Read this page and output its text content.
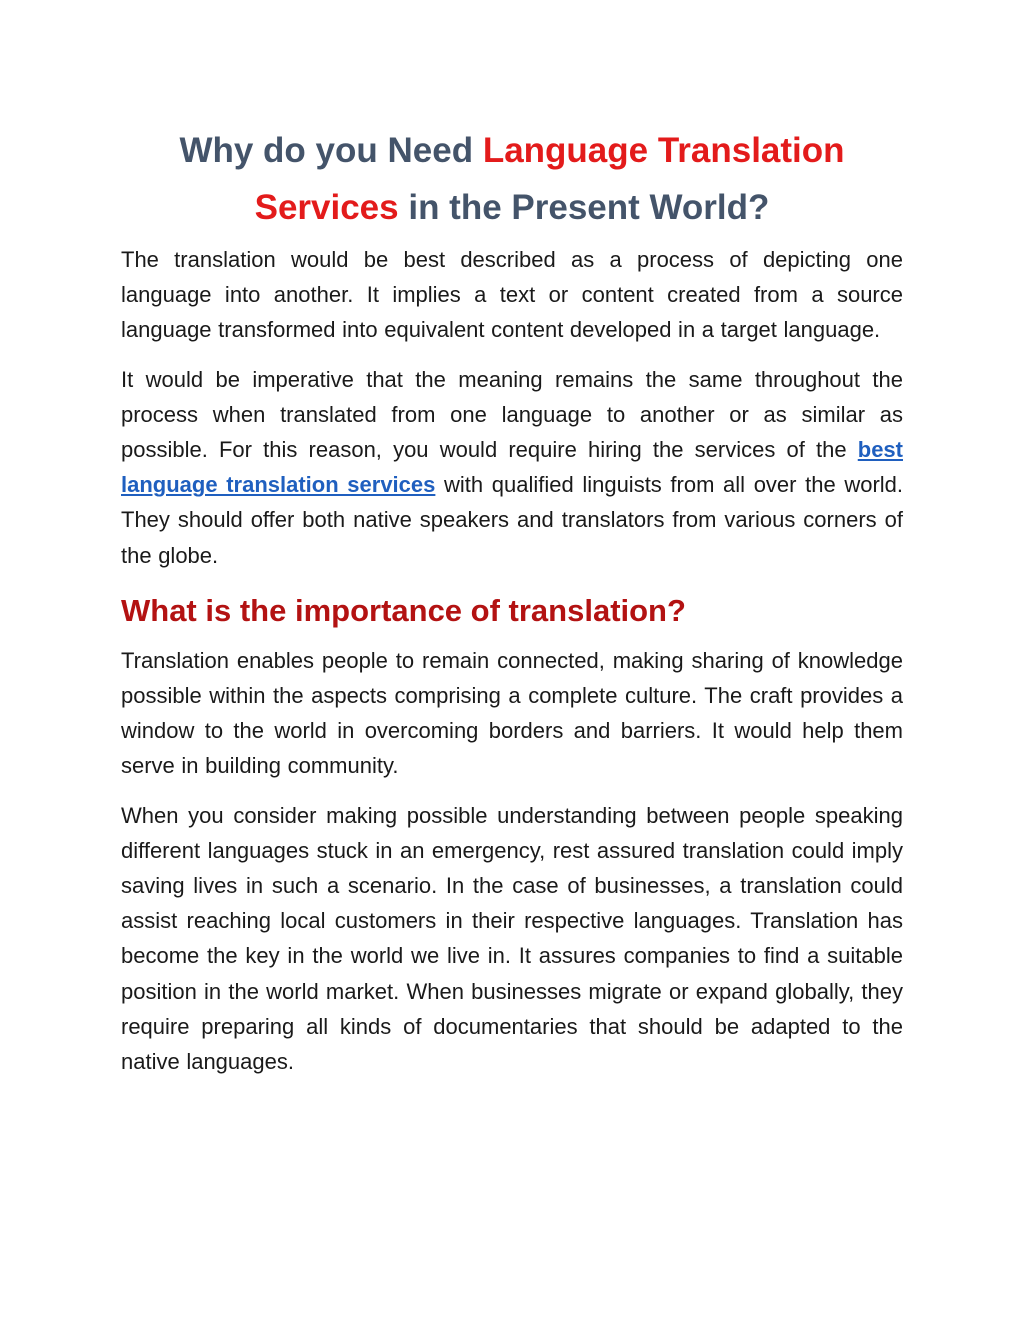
Why do you Need Language Translation
Services in the Present World?

The translation would be best described as a process of depicting one language into another. It implies a text or content created from a source language transformed into equivalent content developed in a target language.

It would be imperative that the meaning remains the same throughout the process when translated from one language to another or as similar as possible. For this reason, you would require hiring the services of the best language translation services with qualified linguists from all over the world. They should offer both native speakers and translators from various corners of the globe.

What is the importance of translation?

Translation enables people to remain connected, making sharing of knowledge possible within the aspects comprising a complete culture. The craft provides a window to the world in overcoming borders and barriers. It would help them serve in building community.

When you consider making possible understanding between people speaking different languages stuck in an emergency, rest assured translation could imply saving lives in such a scenario. In the case of businesses, a translation could assist reaching local customers in their respective languages. Translation has become the key in the world we live in. It assures companies to find a suitable position in the world market. When businesses migrate or expand globally, they require preparing all kinds of documentaries that should be adapted to the native languages.
